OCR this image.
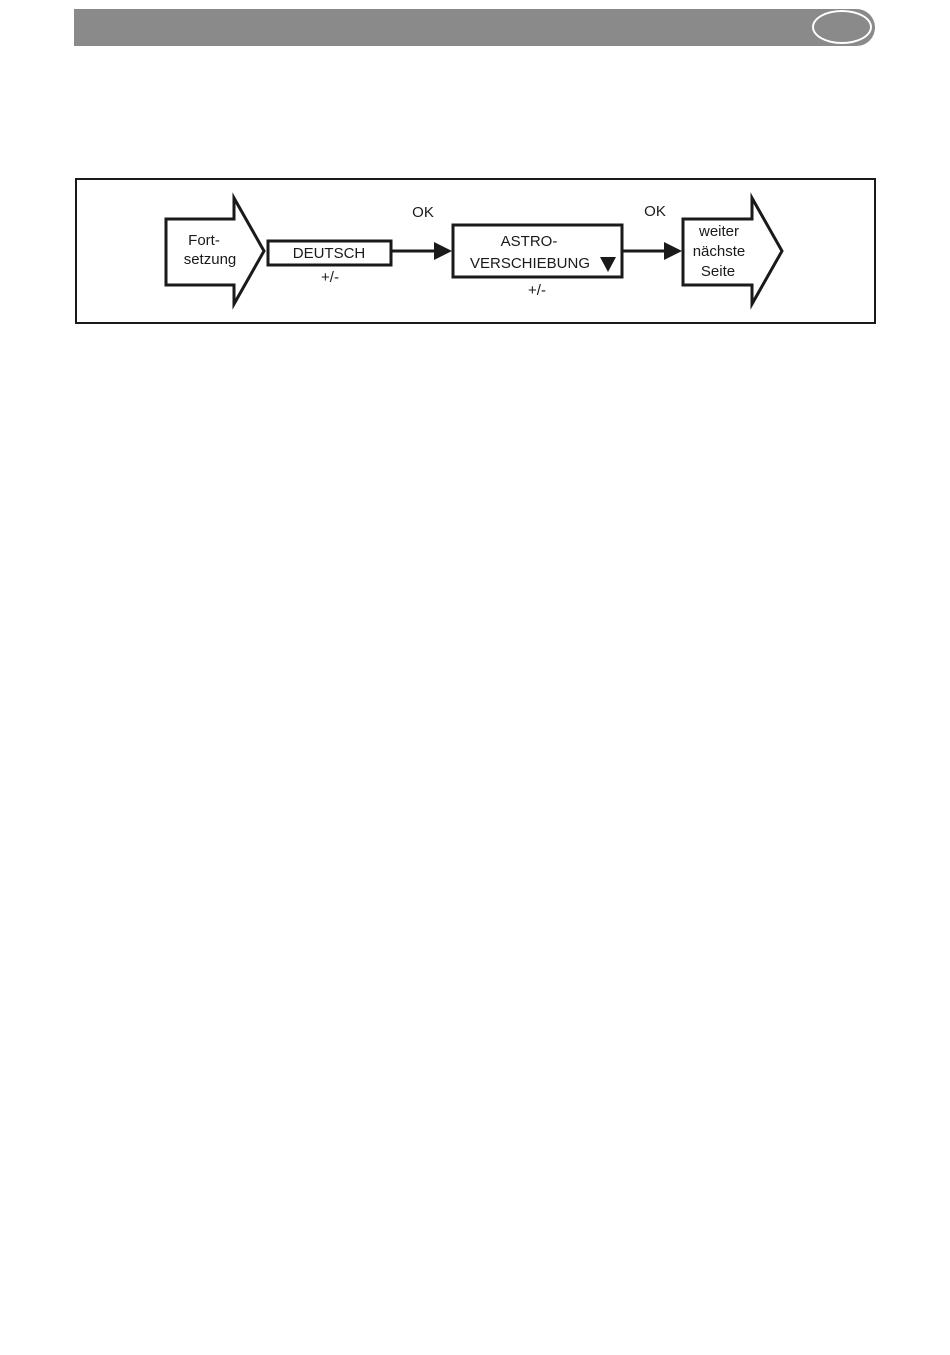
Fort-
setzung	DEUTSCH
+/-
OK
ASTRO-
VERSCHIEBUNG
+/-
OK
weiter
nächste
Seite
